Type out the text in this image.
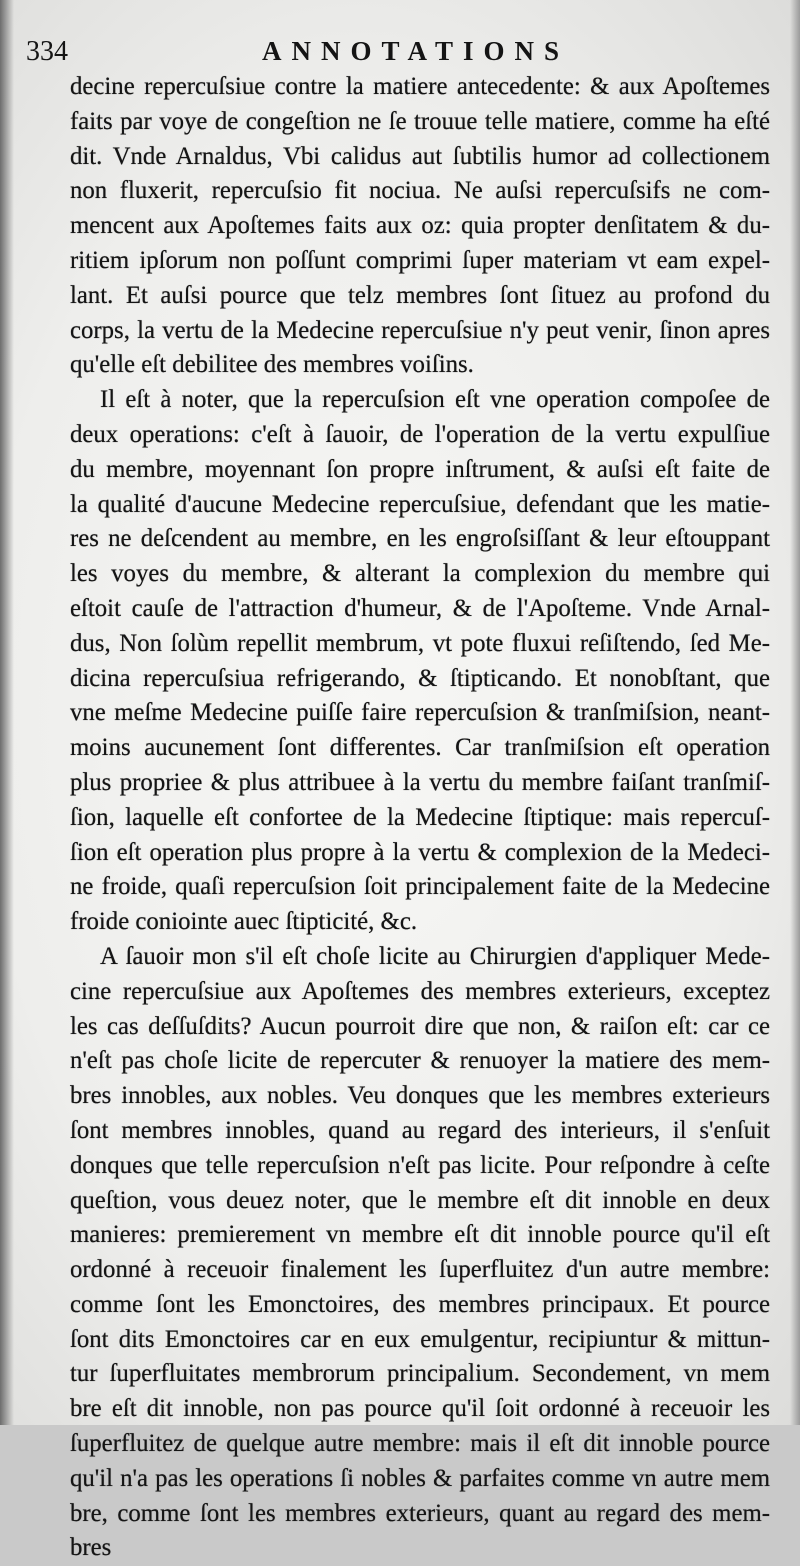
334	ANNOTATIONS
decine repercuſsiue contre la matiere antecedente: & aux Apoſtemes
faits par voye de congeſtion ne ſe trouue telle matiere, comme ha eſté
dit. Vnde Arnaldus, Vbi calidus aut ſubtilis humor ad collectionem
non fluxerit, repercuſsio fit nociua. Ne auſsi repercuſsifs ne com-
mencent aux Apoſtemes faits aux oz: quia propter denſitatem & du-
ritiem ipſorum non poſſunt comprimi ſuper materiam vt eam expel-
lant. Et auſsi pource que telz membres ſont ſituez au profond du
corps, la vertu de la Medecine repercuſsiue n'y peut venir, ſinon apres
qu'elle eſt debilitee des membres voiſins.
Il eſt à noter, que la repercuſsion eſt vne operation compoſee de
deux operations: c'eſt à ſauoir, de l'operation de la vertu expulſiue
du membre, moyennant ſon propre inſtrument, & auſsi eſt faite de
la qualité d'aucune Medecine repercuſsiue, defendant que les matie-
res ne deſcendent au membre, en les engroſsiſſant & leur eſtouppant
les voyes du membre, & alterant la complexion du membre qui
eſtoit cauſe de l'attraction d'humeur, & de l'Apoſteme. Vnde Arnal-
dus, Non ſolùm repellit membrum, vt pote fluxui reſiſtendo, ſed Me-
dicina repercuſsiua refrigerando, & ſtipticando. Et nonobſtant, que
vne meſme Medecine puiſſe faire repercuſsion & tranſmiſsion, neant-
moins aucunement ſont differentes. Car tranſmiſsion eſt operation
plus propriee & plus attribuee à la vertu du membre faiſant tranſmiſ-
ſion, laquelle eſt confortee de la Medecine ſtiptique: mais repercuſ-
ſion eſt operation plus propre à la vertu & complexion de la Medeci-
ne froide, quaſi repercuſsion ſoit principalement faite de la Medecine
froide coniointe auec ſtipticité, &c.
A ſauoir mon s'il eſt choſe licite au Chirurgien d'appliquer Mede-
cine repercuſsiue aux Apoſtemes des membres exterieurs, exceptez
les cas deſſuſdits? Aucun pourroit dire que non, & raiſon eſt: car ce
n'eſt pas choſe licite de repercuter & renuoyer la matiere des mem-
bres innobles, aux nobles. Veu donques que les membres exterieurs
ſont membres innobles, quand au regard des interieurs, il s'enſuit
donques que telle repercuſsion n'eſt pas licite. Pour reſpondre à ceſte
queſtion, vous deuez noter, que le membre eſt dit innoble en deux
manieres: premierement vn membre eſt dit innoble pource qu'il eſt
ordonné à receuoir finalement les ſuperfluitez d'un autre membre:
comme ſont les Emonctoires, des membres principaux. Et pource
ſont dits Emonctoires car en eux emulgentur, recipiuntur & mittun-
tur ſuperfluitates membrorum principalium. Secondement, vn mem
bre eſt dit innoble, non pas pource qu'il ſoit ordonné à receuoir les
ſuperfluitez de quelque autre membre: mais il eſt dit innoble pource
qu'il n'a pas les operations ſi nobles & parfaites comme vn autre mem
bre, comme ſont les membres exterieurs, quant au regard des mem-
bres
